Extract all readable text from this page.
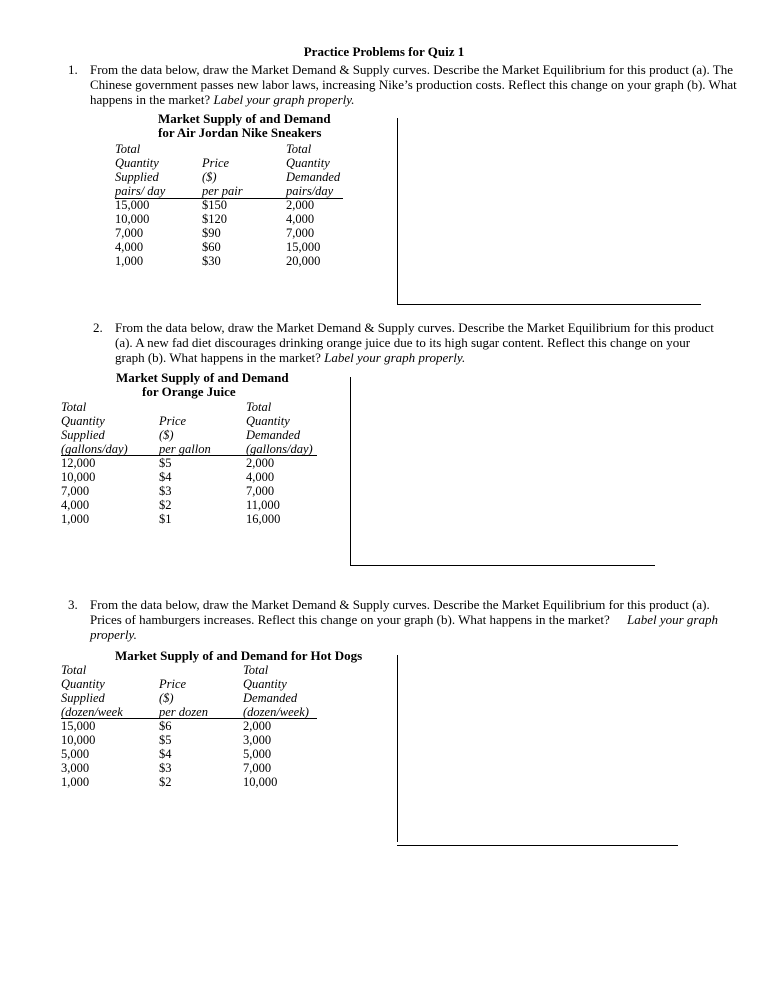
Practice Problems for Quiz 1
1. From the data below, draw the Market Demand & Supply curves. Describe the Market Equilibrium for this product (a). The Chinese government passes new labor laws, increasing Nike’s production costs. Reflect this change on your graph (b). What happens in the market? Label your graph properly.
Market Supply of and Demand
for Air Jordan Nike Sneakers
Total
Quantity
Supplied
pairs/ day
15,000
10,000
7,000
4,000
1,000
Price
($)
per pair
$150
$120
$90
$60
$30
Total
Quantity
Demanded
pairs/day
2,000
4,000
7,000
15,000
20,000
2. From the data below, draw the Market Demand & Supply curves. Describe the Market Equilibrium for this product (a). A new fad diet discourages drinking orange juice due to its high sugar content. Reflect this change on your graph (b). What happens in the market? Label your graph properly.
Market Supply of and Demand
for Orange Juice
Total
Quantity
Supplied
(gallons/day)
12,000
10,000
7,000
4,000
1,000
Price
($)
per gallon
$5
$4
$3
$2
$1
Total
Quantity
Demanded
(gallons/day)
2,000
4,000
7,000
11,000
16,000
3. From the data below, draw the Market Demand & Supply curves. Describe the Market Equilibrium for this product (a). Prices of hamburgers increases. Reflect this change on your graph (b). What happens in the market? Label your graph properly.
Market Supply of and Demand for Hot Dogs
Total
Quantity
Supplied
(dozen/week
15,000
10,000
5,000
3,000
1,000
Price
($)
per dozen
$6
$5
$4
$3
$2
Total
Quantity
Demanded
(dozen/week)
2,000
3,000
5,000
7,000
10,000
